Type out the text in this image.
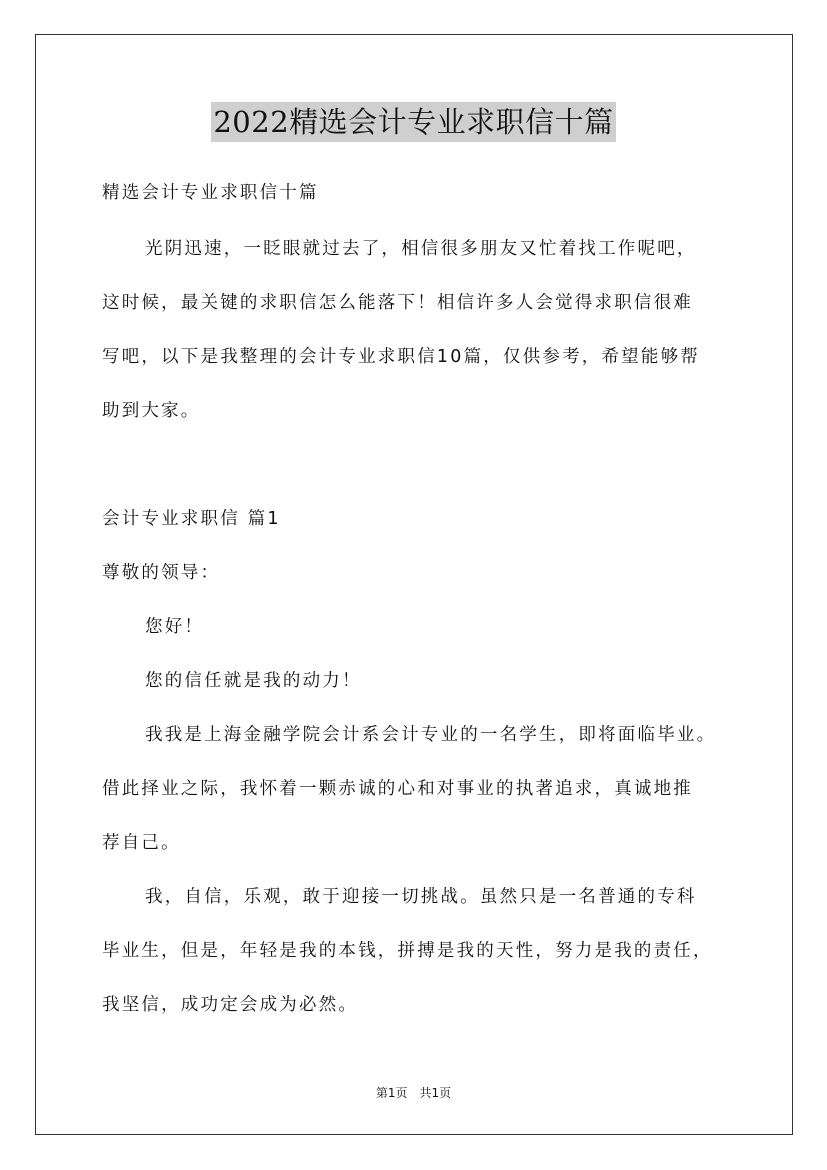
2022精选会计专业求职信十篇
精选会计专业求职信十篇
光阴迅速，一眨眼就过去了，相信很多朋友又忙着找工作呢吧，
这时候，最关键的求职信怎么能落下！相信许多人会觉得求职信很难
写吧，以下是我整理的会计专业求职信10篇，仅供参考，希望能够帮
助到大家。
会计专业求职信 篇1
尊敬的领导：
您好！
您的信任就是我的动力！
我我是上海金融学院会计系会计专业的一名学生，即将面临毕业。
借此择业之际，我怀着一颗赤诚的心和对事业的执著追求，真诚地推
荐自己。
我，自信，乐观，敢于迎接一切挑战。虽然只是一名普通的专科
毕业生，但是，年轻是我的本钱，拼搏是我的天性，努力是我的责任，
我坚信，成功定会成为必然。
第1页　共1页
